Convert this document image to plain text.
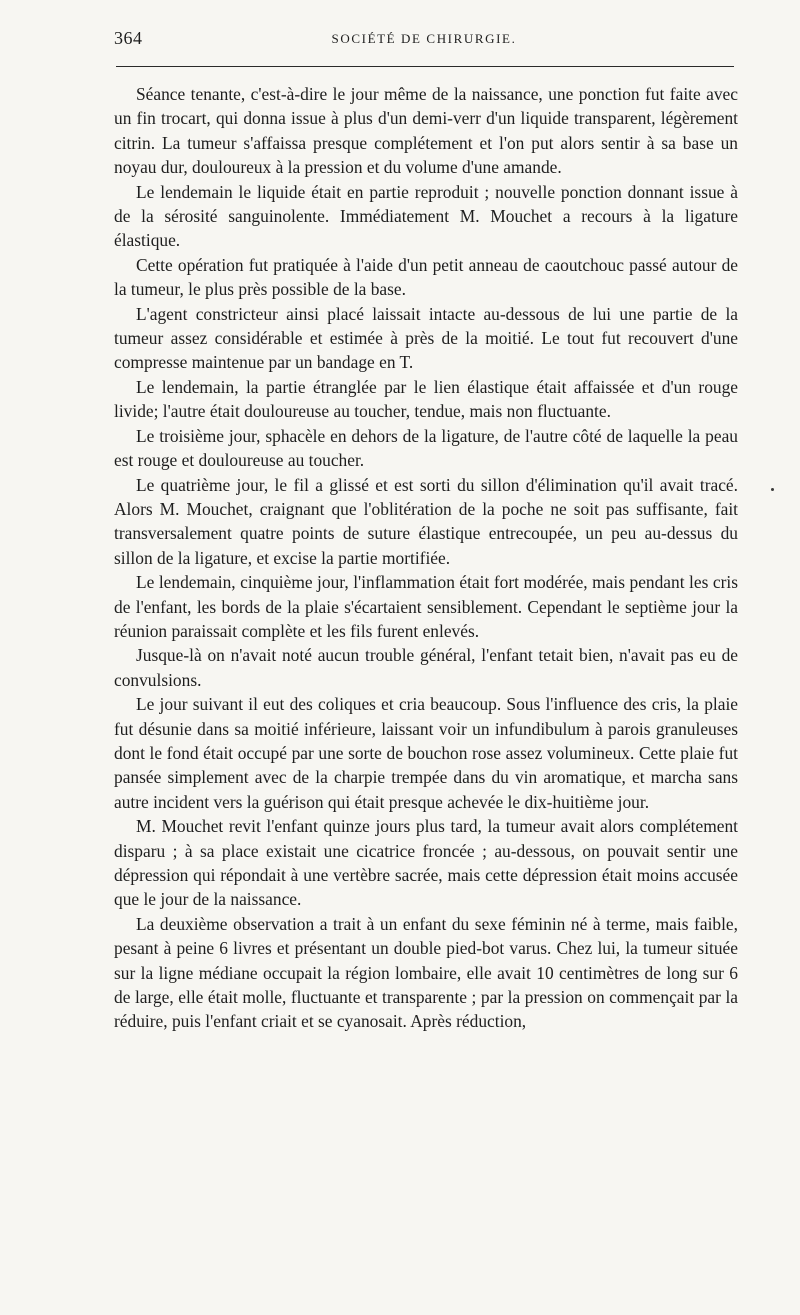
364	SOCIÉTÉ DE CHIRURGIE.

Séance tenante, c'est-à-dire le jour même de la naissance, une ponction fut faite avec un fin trocart, qui donna issue à plus d'un demi-verr d'un liquide transparent, légèrement citrin. La tumeur s'affaissa presque complétement et l'on put alors sentir à sa base un noyau dur, douloureux à la pression et du volume d'une amande.

Le lendemain le liquide était en partie reproduit ; nouvelle ponction donnant issue à de la sérosité sanguinolente. Immédiatement M. Mouchet a recours à la ligature élastique.

Cette opération fut pratiquée à l'aide d'un petit anneau de caoutchouc passé autour de la tumeur, le plus près possible de la base.

L'agent constricteur ainsi placé laissait intacte au-dessous de lui une partie de la tumeur assez considérable et estimée à près de la moitié. Le tout fut recouvert d'une compresse maintenue par un bandage en T.

Le lendemain, la partie étranglée par le lien élastique était affaissée et d'un rouge livide; l'autre était douloureuse au toucher, tendue, mais non fluctuante.

Le troisième jour, sphacèle en dehors de la ligature, de l'autre côté de laquelle la peau est rouge et douloureuse au toucher.

Le quatrième jour, le fil a glissé et est sorti du sillon d'élimination qu'il avait tracé. Alors M. Mouchet, craignant que l'oblitération de la poche ne soit pas suffisante, fait transversalement quatre points de suture élastique entrecoupée, un peu au-dessus du sillon de la ligature, et excise la partie mortifiée.

Le lendemain, cinquième jour, l'inflammation était fort modérée, mais pendant les cris de l'enfant, les bords de la plaie s'écartaient sensiblement. Cependant le septième jour la réunion paraissait complète et les fils furent enlevés.

Jusque-là on n'avait noté aucun trouble général, l'enfant tetait bien, n'avait pas eu de convulsions.

Le jour suivant il eut des coliques et cria beaucoup. Sous l'influence des cris, la plaie fut désunie dans sa moitié inférieure, laissant voir un infundibulum à parois granuleuses dont le fond était occupé par une sorte de bouchon rose assez volumineux. Cette plaie fut pansée simplement avec de la charpie trempée dans du vin aromatique, et marcha sans autre incident vers la guérison qui était presque achevée le dix-huitième jour.

M. Mouchet revit l'enfant quinze jours plus tard, la tumeur avait alors complétement disparu ; à sa place existait une cicatrice froncée ; au-dessous, on pouvait sentir une dépression qui répondait à une vertèbre sacrée, mais cette dépression était moins accusée que le jour de la naissance.

La deuxième observation a trait à un enfant du sexe féminin né à terme, mais faible, pesant à peine 6 livres et présentant un double pied-bot varus. Chez lui, la tumeur située sur la ligne médiane occupait la région lombaire, elle avait 10 centimètres de long sur 6 de large, elle était molle, fluctuante et transparente ; par la pression on commençait par la réduire, puis l'enfant criait et se cyanosait. Après réduction,
